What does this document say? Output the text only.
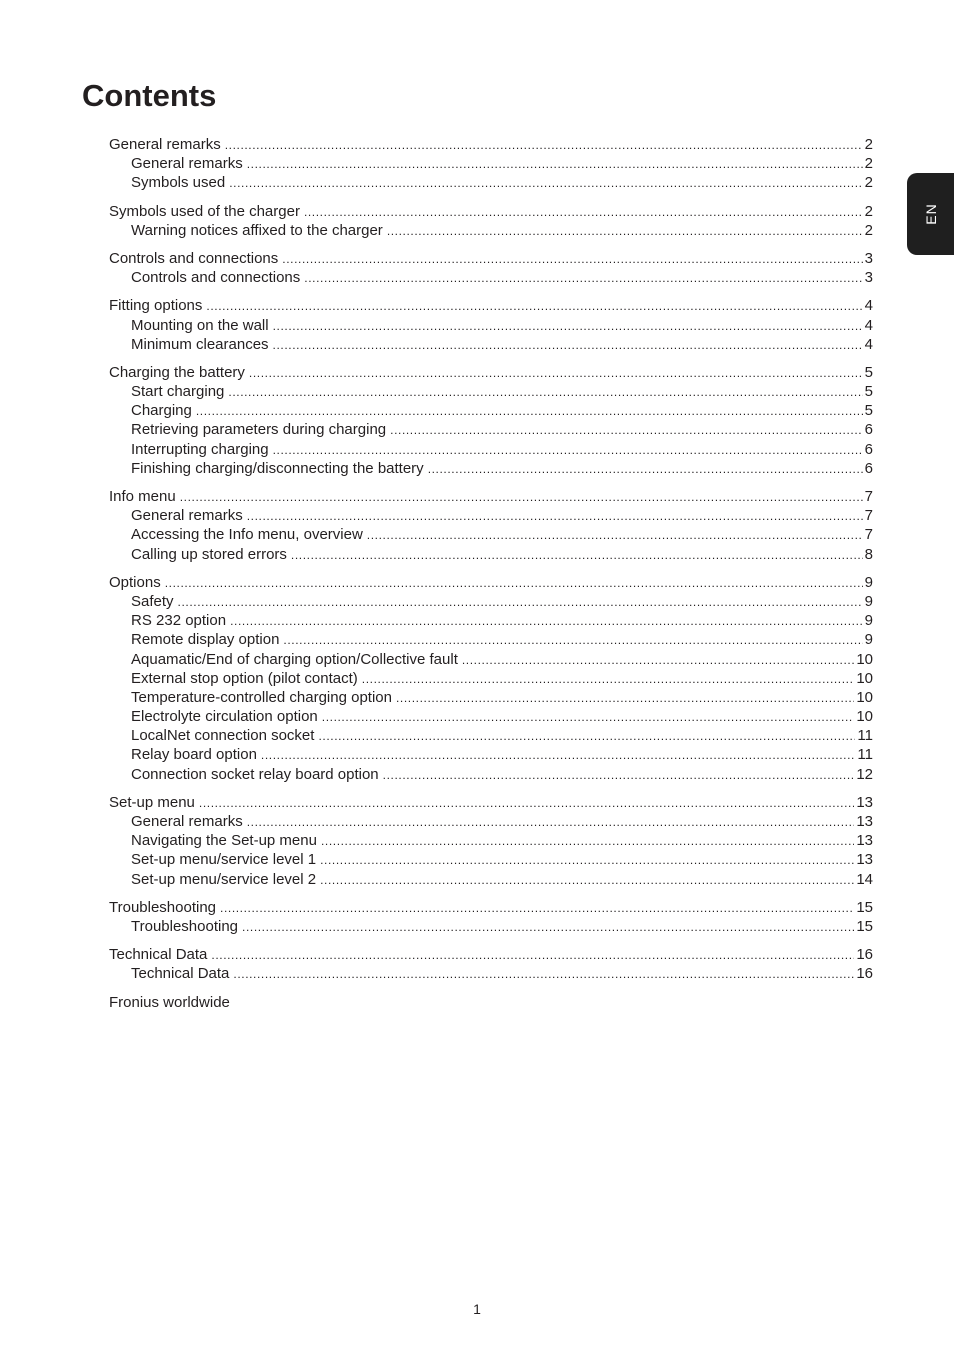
Contents
EN
General remarks .....	2
General remarks .....	2
Symbols used .....	2
Symbols used of the charger .....	2
Warning notices affixed to the charger .....	2
Controls and connections .....	3
Controls and connections .....	3
Fitting options .....	4
Mounting on the wall .....	4
Minimum clearances .....	4
Charging the battery .....	5
Start charging .....	5
Charging .....	5
Retrieving parameters during charging .....	6
Interrupting charging .....	6
Finishing charging/disconnecting the battery .....	6
Info menu .....	7
General remarks .....	7
Accessing the Info menu, overview .....	7
Calling up stored errors .....	8
Options .....	9
Safety .....	9
RS 232 option .....	9
Remote display option .....	9
Aquamatic/End of charging option/Collective fault .....	10
External stop option (pilot contact) .....	10
Temperature-controlled charging option .....	10
Electrolyte circulation option .....	10
LocalNet connection socket .....	11
Relay board option .....	11
Connection socket relay board option .....	12
Set-up menu .....	13
General remarks .....	13
Navigating the Set-up menu .....	13
Set-up menu/service level 1 .....	13
Set-up menu/service level 2 .....	14
Troubleshooting .....	15
Troubleshooting .....	15
Technical Data .....	16
Technical Data .....	16
Fronius worldwide
1
